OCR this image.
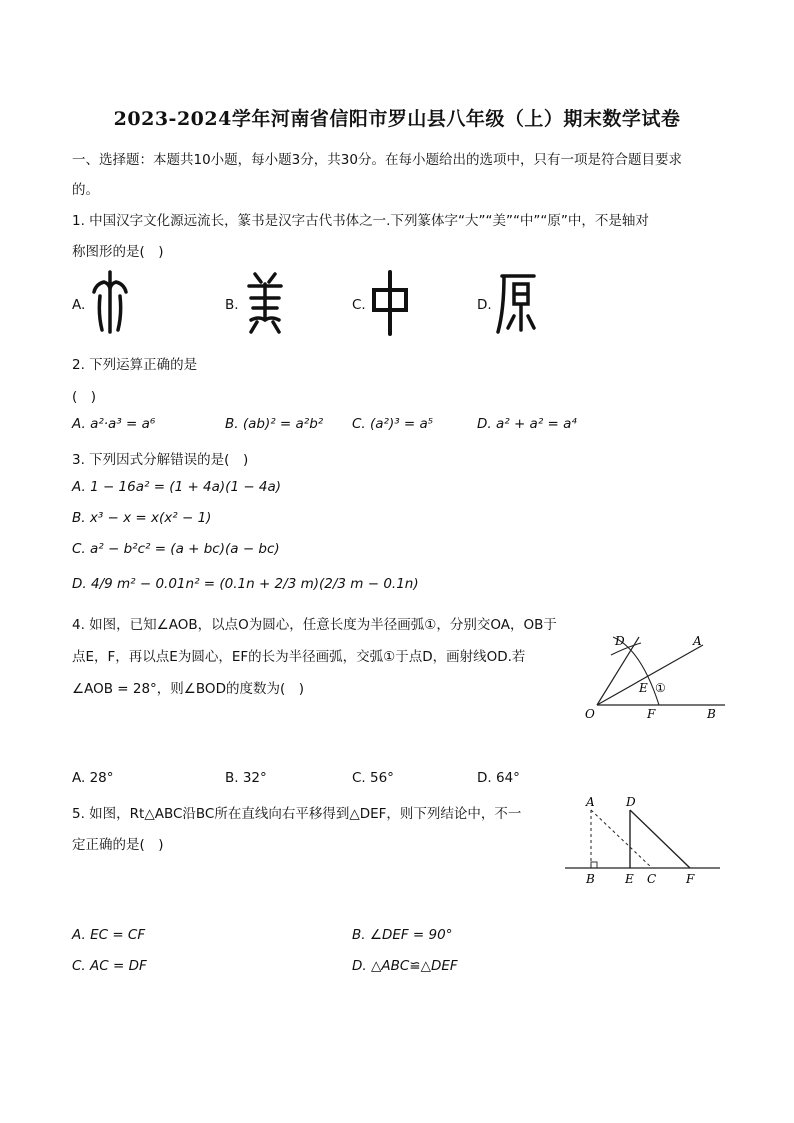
2023-2024学年河南省信阳市罗山县八年级（上）期末数学试卷
一、选择题：本题共10小题，每小题3分，共30分。在每小题给出的选项中，只有一项是符合题目要求
的。
1. 中国汉字文化源远流长，篆书是汉字古代书体之一.下列篆体字“大”“美”“中”“原”中，不是轴对
称图形的是(　)
A.	B.	C.	D.
2. 下列运算正确的是
(　)
A. a²·a³ = a⁶	B. (ab)² = a²b² C. (a²)³ = a⁵	D. a² + a² = a⁴
3. 下列因式分解错误的是(　)
A. 1 − 16a² = (1 + 4a)(1 − 4a)
B. x³ − x = x(x² − 1)
C. a² − b²c² = (a + bc)(a − bc)
D. 4/9 m² − 0.01n² = (0.1n + 2/3 m)(2/3 m − 0.1n)
4. 如图，已知∠AOB，以点O为圆心，任意长度为半径画弧①，分别交OA，OB于
点E，F，再以点E为圆心，EF的长为半径画弧，交弧①于点D，画射线OD.若
∠AOB = 28°，则∠BOD的度数为(　)
O
A
B
D
E
F
①
A. 28°	B. 32°	C. 56°	D. 64°
5. 如图，Rt△ABC沿BC所在直线向右平移得到△DEF，则下列结论中，不一
定正确的是(　)
A
B	C
D
E	F
A. EC = CF	B. ∠DEF = 90°
C. AC = DF	D. △ABC≌△DEF
